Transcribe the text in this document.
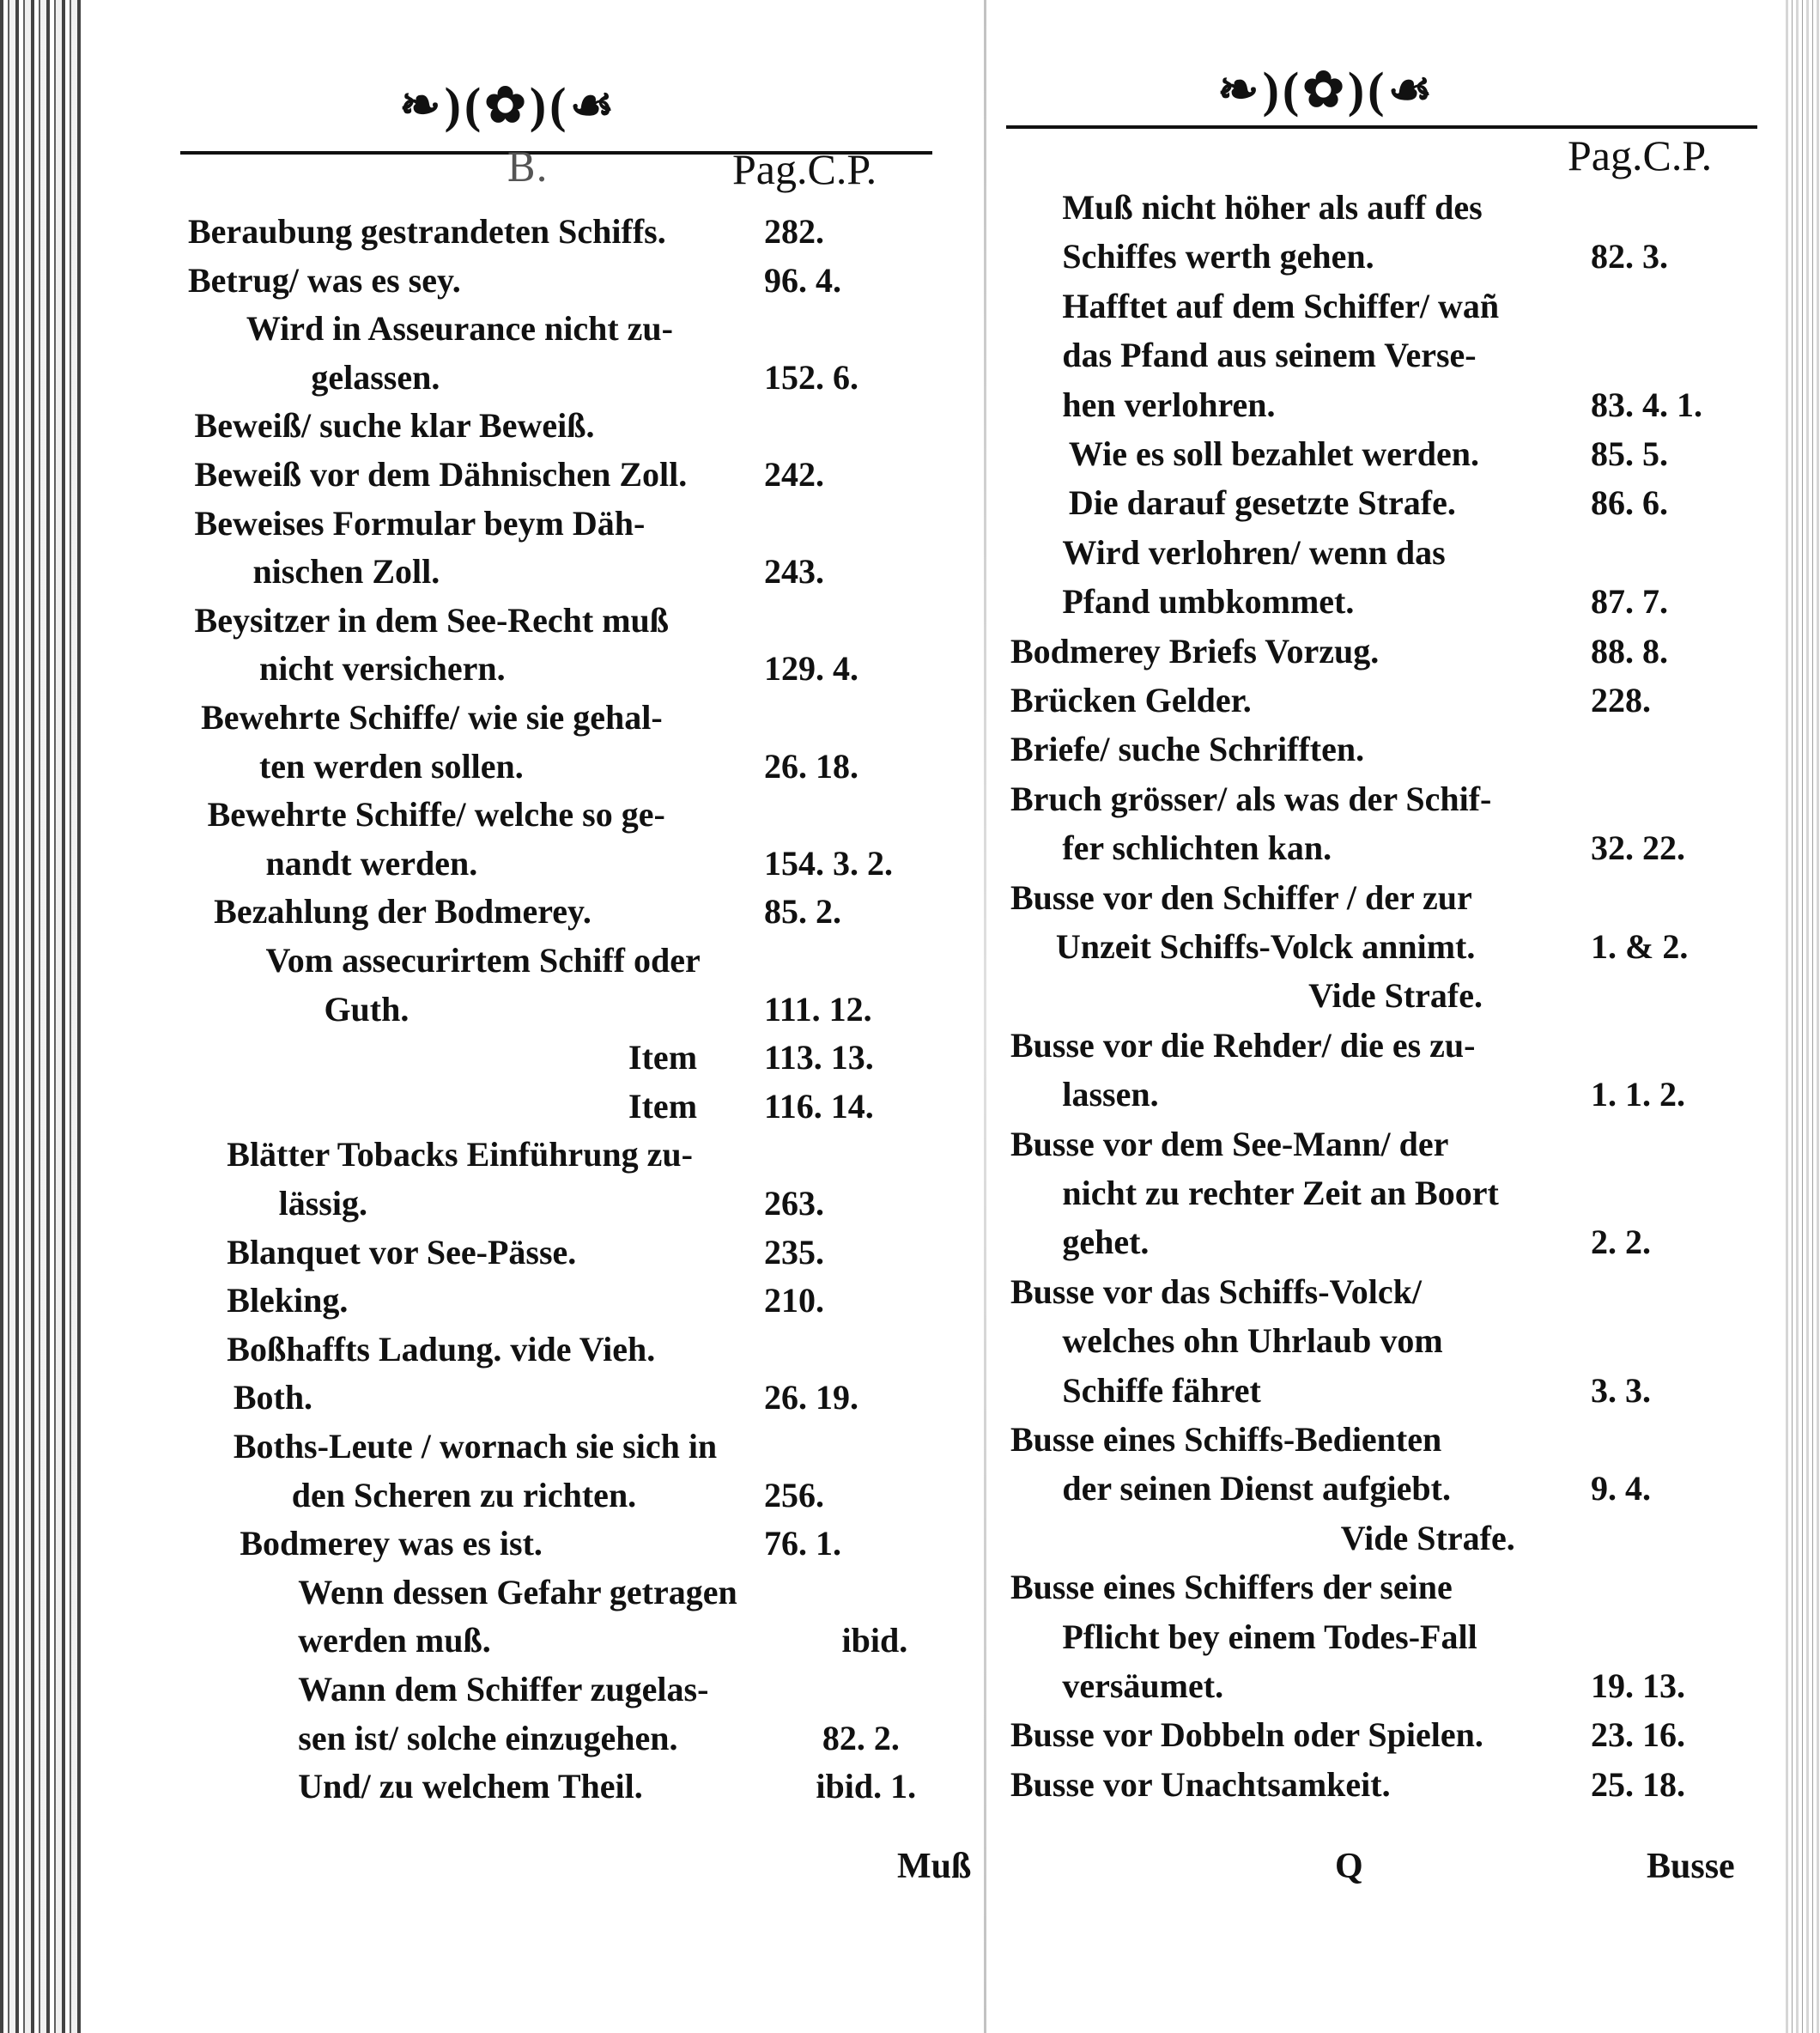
❧)(✿)(☙
B.	Pag.C.P.
❧)(✿)(☙
Pag.C.P.
Beraubung gestrandeten Schiffs.	282.
Betrug/ was es sey.	96. 4.
Wird in Asseurance nicht zu-
gelassen.	152. 6.
Beweiß/ suche klar Beweiß.
Beweiß vor dem Dähnischen Zoll. 242.
Beweises Formular beym Däh-
nischen Zoll.	243.
Beysitzer in dem See-Recht muß
nicht versichern.	129. 4.
Bewehrte Schiffe/ wie sie gehal-
ten werden sollen.	26. 18.
Bewehrte Schiffe/ welche so ge-
nandt werden.	154. 3. 2.
Bezahlung der Bodmerey.	85. 2.
Vom assecurirtem Schiff oder
Guth.	111. 12.
Item 113. 13.
Item 116. 14.
Blätter Tobacks Einführung zu-
lässig.	263.
Blanquet vor See-Pässe.	235.
Bleking.	210.
Boßhaffts Ladung. vide Vieh.
Both.	26. 19.
Boths-Leute / wornach sie sich in
den Scheren zu richten.	256.
Bodmerey was es ist.	76. 1.
Wenn dessen Gefahr getragen
werden muß.	ibid.
Wann dem Schiffer zugelas-
sen ist/ solche einzugehen.	82. 2.
Und/ zu welchem Theil.	ibid. 1.
Muß nicht höher als auff des
Schiffes werth gehen.	82. 3.
Hafftet auf dem Schiffer/ wañ
das Pfand aus seinem Verse-
hen verlohren.	83. 4. 1.
Wie es soll bezahlet werden.	85. 5.
Die darauf gesetzte Strafe.	86. 6.
Wird verlohren/ wenn das
Pfand umbkommet.	87. 7.
Bodmerey Briefs Vorzug.	88. 8.
Brücken Gelder.	228.
Briefe/ suche Schrifften.
Bruch grösser/ als was der Schif-
fer schlichten kan.	32. 22.
Busse vor den Schiffer / der zur
Unzeit Schiffs-Volck annimt.	1. & 2.
Vide Strafe.
Busse vor die Rehder/ die es zu-
lassen.	1. 1. 2.
Busse vor dem See-Mann/ der
nicht zu rechter Zeit an Boort
gehet.	2. 2.
Busse vor das Schiffs-Volck/
welches ohn Uhrlaub vom
Schiffe fähret	3. 3.
Busse eines Schiffs-Bedienten
der seinen Dienst aufgiebt.	9. 4.
Vide Strafe.
Busse eines Schiffers der seine
Pflicht bey einem Todes-Fall
versäumet.	19. 13.
Busse vor Dobbeln oder Spielen.	23. 16.
Busse vor Unachtsamkeit.	25. 18.
Muß	Q	Busse
